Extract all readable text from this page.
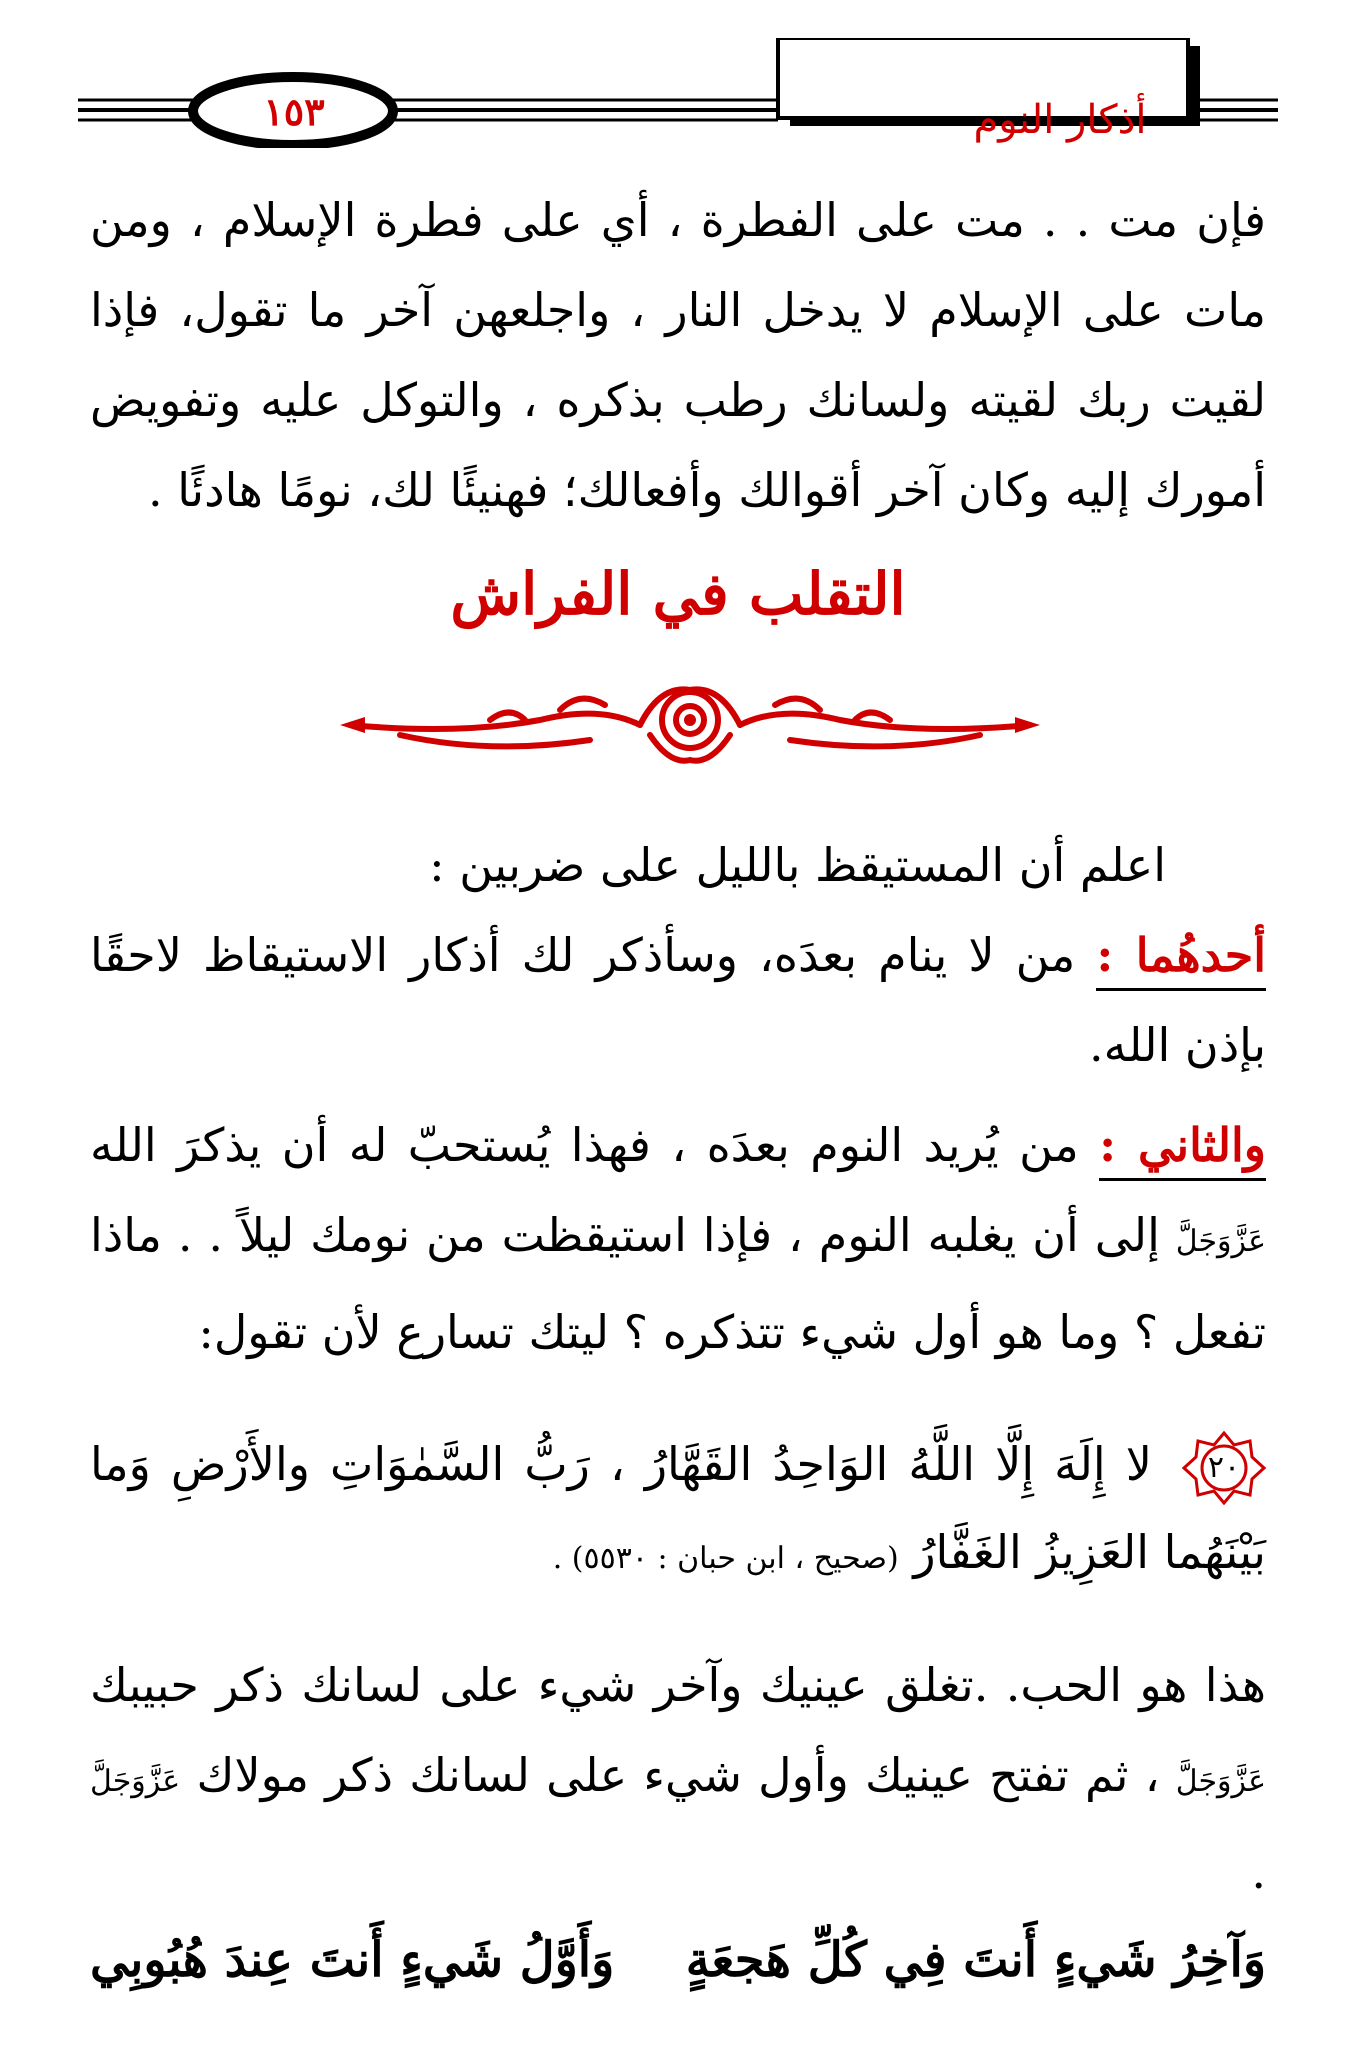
١٥٣	أذكار النوم
فإن مت . . مت على الفطرة ، أي على فطرة الإسلام ، ومن مات على الإسلام لا يدخل النار ، واجلعهن آخر ما تقول، فإذا لقيت ربك لقيته ولسانك رطب بذكره ، والتوكل عليه وتفويض أمورك إليه وكان آخر أقوالك وأفعالك؛ فهنيئًا لك، نومًا هادئًا .
التقلب في الفراش
اعلم أن المستيقظ بالليل على ضربين :
أحدهُما : من لا ينام بعدَه، وسأذكر لك أذكار الاستيقاظ لاحقًا بإذن الله.
والثاني : من يُريد النوم بعدَه ، فهذا يُستحبّ له أن يذكرَ الله عَزَّوَجَلَّ إلى أن يغلبه النوم ، فإذا استيقظت من نومك ليلاً . . ماذا تفعل ؟ وما هو أول شيء تتذكره ؟ ليتك تسارع لأن تقول:
٢٠
لا إِلَهَ إِلَّا اللَّهُ الوَاحِدُ القَهَّارُ ، رَبُّ السَّمٰوَاتِ والأَرْضِ وَما بَيْنَهُما العَزِيزُ الغَفَّارُ (صحيح ، ابن حبان : ٥٥٣٠) .
هذا هو الحب. .تغلق عينيك وآخر شيء على لسانك ذكر حبيبك عَزَّوَجَلَّ ، ثم تفتح عينيك وأول شيء على لسانك ذكر مولاك عَزَّوَجَلَّ .
وَآخِرُ شَيءٍ أَنتَ فِي كُلِّ هَجعَةٍ
وَأَوَّلُ شَيءٍ أَنتَ عِندَ هُبُوبِي
